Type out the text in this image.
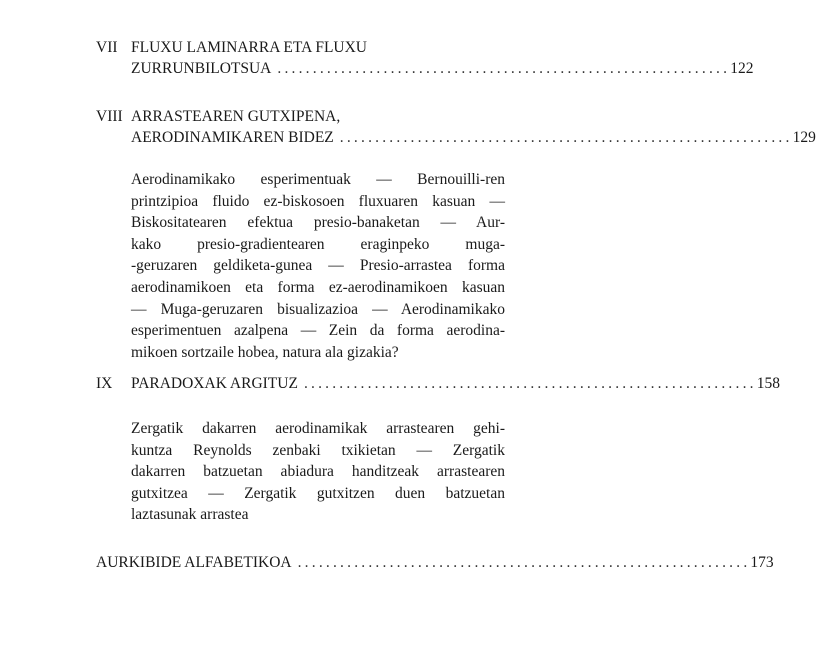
VII FLUXU LAMINARRA ETA FLUXU
ZURRUNBILOTSUA ................................................................ 122
VIII ARRASTEAREN GUTXIPENA,
AERODINAMIKAREN BIDEZ ................................................................ 129
Aerodinamikako esperimentuak — Bernouilli-ren
printzipioa fluido ez-biskosoen fluxuaren kasuan —
Biskositatearen efektua presio-banaketan — Aur-
kako presio-gradientearen eraginpeko muga-
-geruzaren geldiketa-gunea — Presio-arrastea forma
aerodinamikoen eta forma ez-aerodinamikoen kasuan
— Muga-geruzaren bisualizazioa — Aerodinamikako
esperimentuen azalpena — Zein da forma aerodina-
mikoen sortzaile hobea, natura ala gizakia?
IX PARADOXAK ARGITUZ ................................................................ 158
Zergatik dakarren aerodinamikak arrastearen gehi-
kuntza Reynolds zenbaki txikietan — Zergatik
dakarren batzuetan abiadura handitzeak arrastearen
gutxitzea — Zergatik gutxitzen duen batzuetan
laztasunak arrastea
AURKIBIDE ALFABETIKOA ................................................................ 173
